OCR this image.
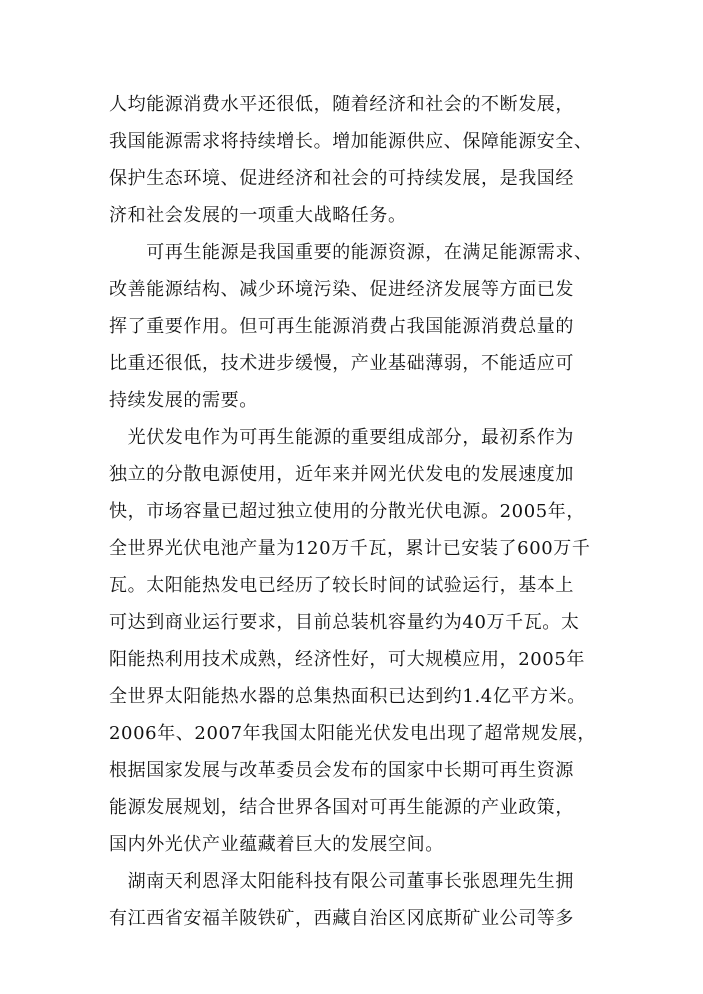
人均能源消费水平还很低，随着经济和社会的不断发展，
我国能源需求将持续增长。增加能源供应、保障能源安全、
保护生态环境、促进经济和社会的可持续发展，是我国经
济和社会发展的一项重大战略任务。
　　可再生能源是我国重要的能源资源，在满足能源需求、
改善能源结构、减少环境污染、促进经济发展等方面已发
挥了重要作用。但可再生能源消费占我国能源消费总量的
比重还很低，技术进步缓慢，产业基础薄弱，不能适应可
持续发展的需要。
　光伏发电作为可再生能源的重要组成部分，最初系作为
独立的分散电源使用，近年来并网光伏发电的发展速度加
快，市场容量已超过独立使用的分散光伏电源。2005年，
全世界光伏电池产量为120万千瓦，累计已安装了600万千
瓦。太阳能热发电已经历了较长时间的试验运行，基本上
可达到商业运行要求，目前总装机容量约为40万千瓦。太
阳能热利用技术成熟，经济性好，可大规模应用，2005年
全世界太阳能热水器的总集热面积已达到约1.4亿平方米。
2006年、2007年我国太阳能光伏发电出现了超常规发展，
根据国家发展与改革委员会发布的国家中长期可再生资源
能源发展规划，结合世界各国对可再生能源的产业政策，
国内外光伏产业蕴藏着巨大的发展空间。
　湖南天利恩泽太阳能科技有限公司董事长张恩理先生拥
有江西省安福羊陂铁矿，西藏自治区冈底斯矿业公司等多
